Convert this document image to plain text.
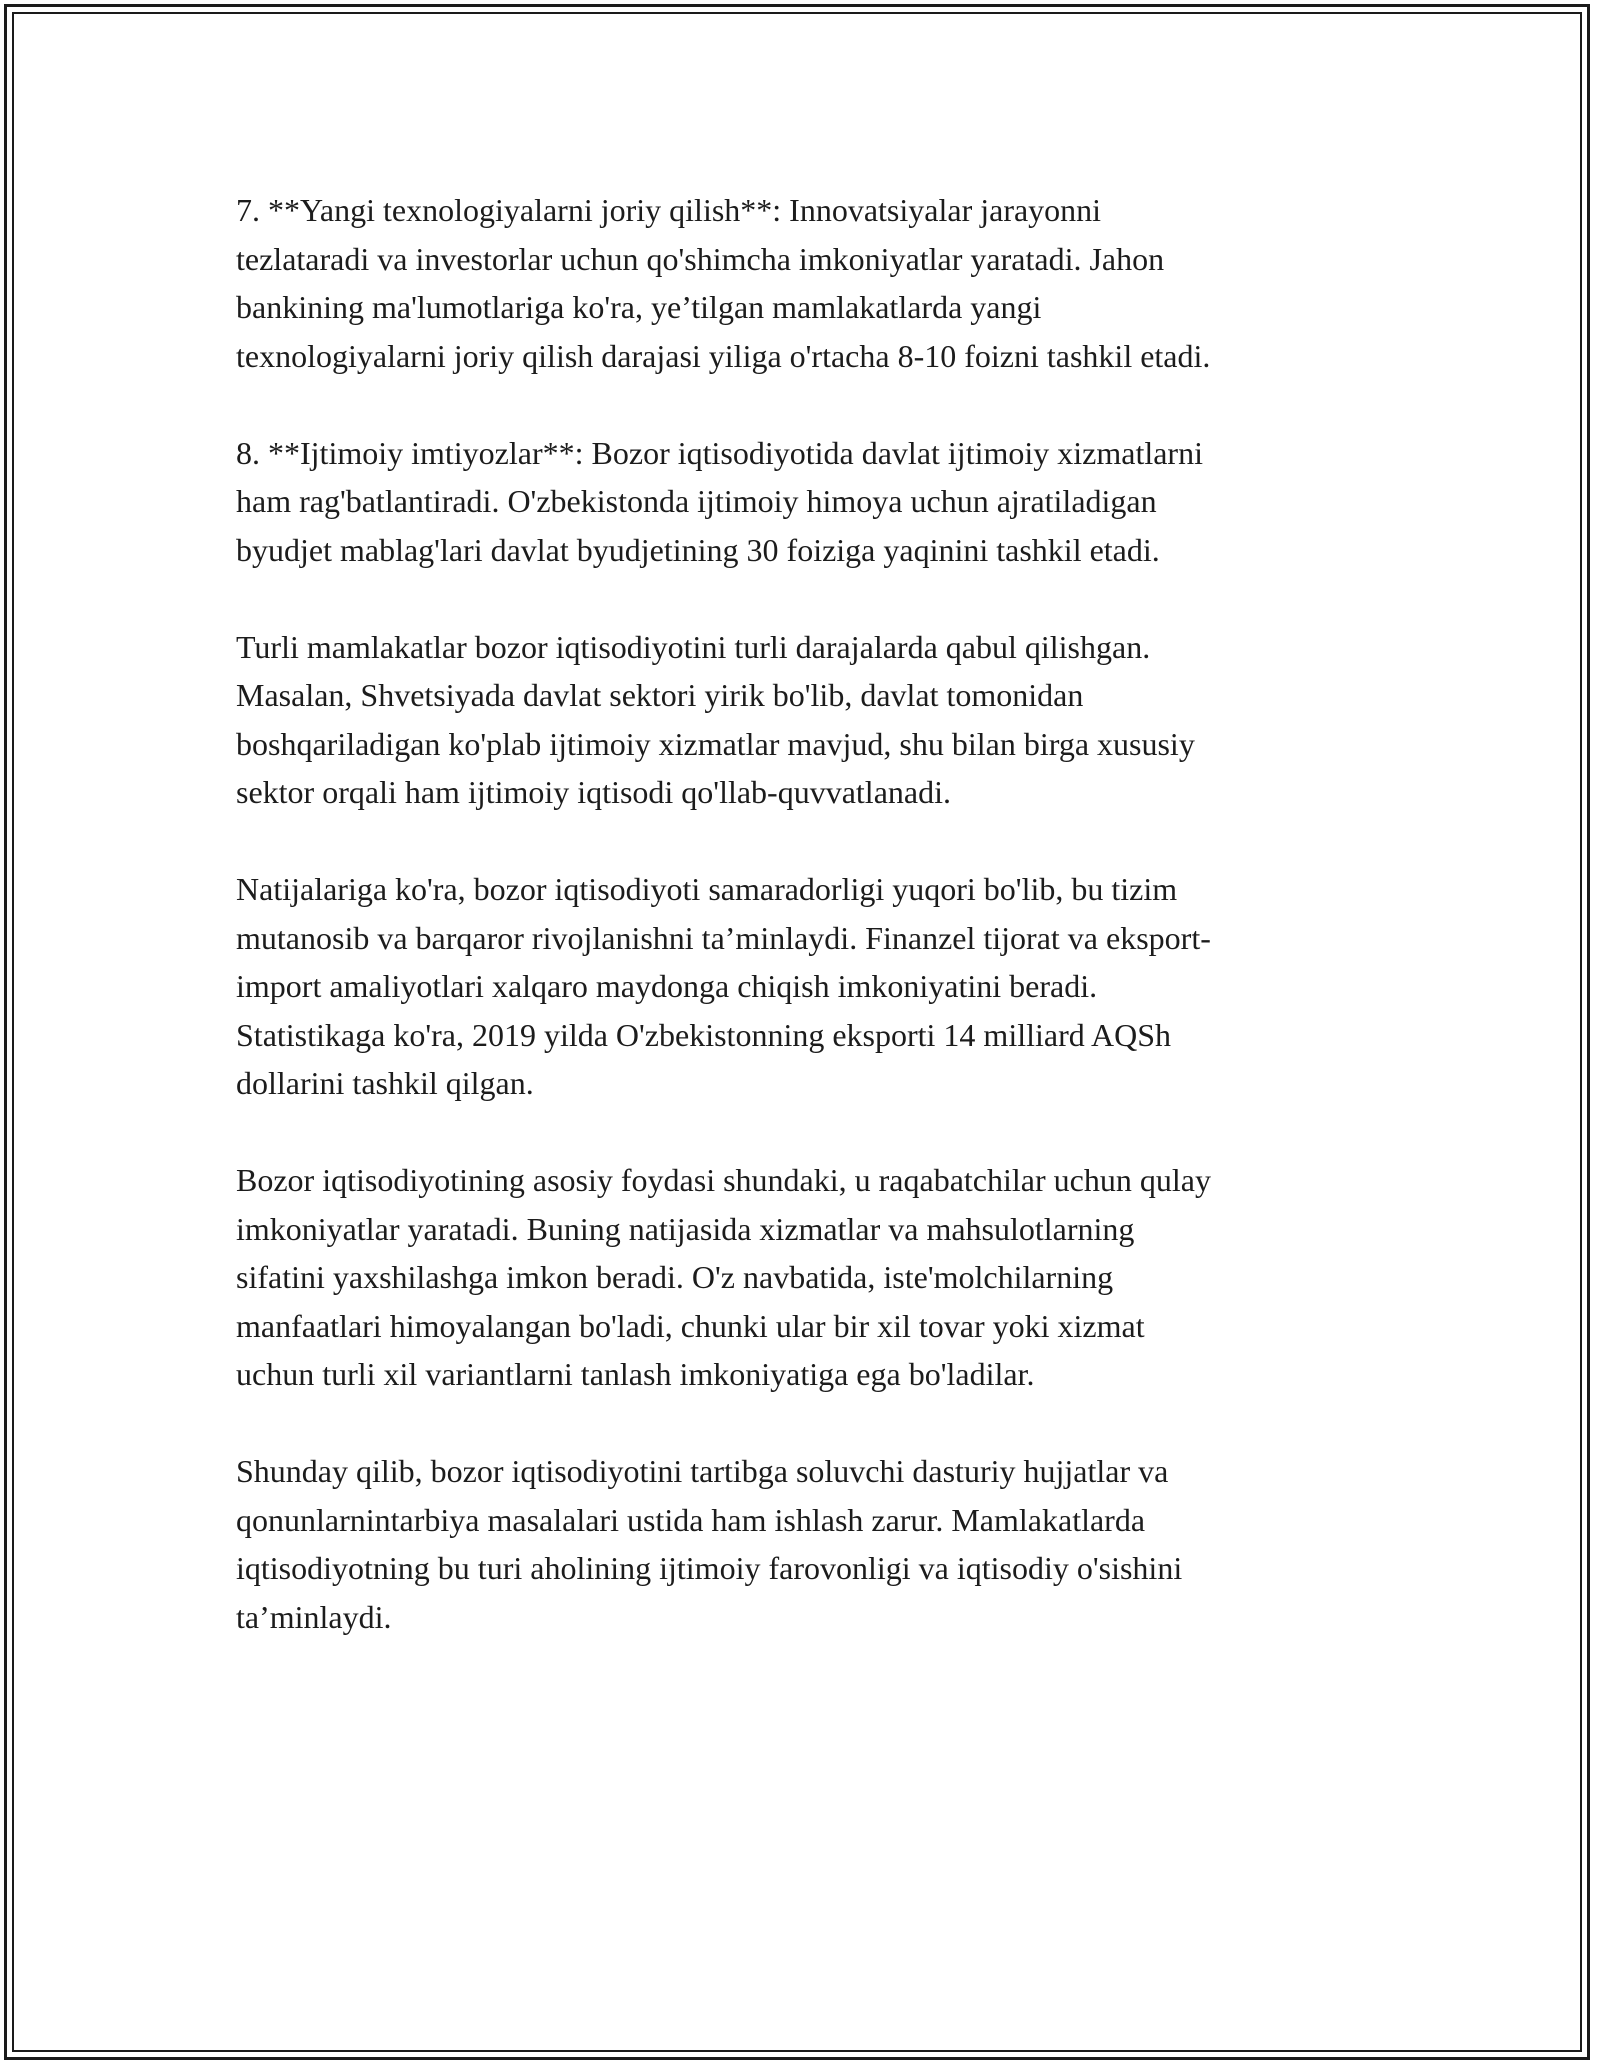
7. **Yangi texnologiyalarni joriy qilish**: Innovatsiyalar jarayonni
tezlataradi va investorlar uchun qo'shimcha imkoniyatlar yaratadi. Jahon
bankining ma'lumotlariga ko'ra, ye’tilgan mamlakatlarda yangi
texnologiyalarni joriy qilish darajasi yiliga o'rtacha 8-10 foizni tashkil etadi.

8. **Ijtimoiy imtiyozlar**: Bozor iqtisodiyotida davlat ijtimoiy xizmatlarni
ham rag'batlantiradi. O'zbekistonda ijtimoiy himoya uchun ajratiladigan
byudjet mablag'lari davlat byudjetining 30 foiziga yaqinini tashkil etadi.

Turli mamlakatlar bozor iqtisodiyotini turli darajalarda qabul qilishgan.
Masalan, Shvetsiyada davlat sektori yirik bo'lib, davlat tomonidan
boshqariladigan ko'plab ijtimoiy xizmatlar mavjud, shu bilan birga xususiy
sektor orqali ham ijtimoiy iqtisodi qo'llab-quvvatlanadi.

Natijalariga ko'ra, bozor iqtisodiyoti samaradorligi yuqori bo'lib, bu tizim
mutanosib va barqaror rivojlanishni ta’minlaydi. Finanzel tijorat va eksport-
import amaliyotlari xalqaro maydonga chiqish imkoniyatini beradi.
Statistikaga ko'ra, 2019 yilda O'zbekistonning eksporti 14 milliard AQSh
dollarini tashkil qilgan.

Bozor iqtisodiyotining asosiy foydasi shundaki, u raqabatchilar uchun qulay
imkoniyatlar yaratadi. Buning natijasida xizmatlar va mahsulotlarning
sifatini yaxshilashga imkon beradi. O'z navbatida, iste'molchilarning
manfaatlari himoyalangan bo'ladi, chunki ular bir xil tovar yoki xizmat
uchun turli xil variantlarni tanlash imkoniyatiga ega bo'ladilar.

Shunday qilib, bozor iqtisodiyotini tartibga soluvchi dasturiy hujjatlar va
qonunlarnintarbiya masalalari ustida ham ishlash zarur. Mamlakatlarda
iqtisodiyotning bu turi aholining ijtimoiy farovonligi va iqtisodiy o'sishini
ta’minlaydi.
